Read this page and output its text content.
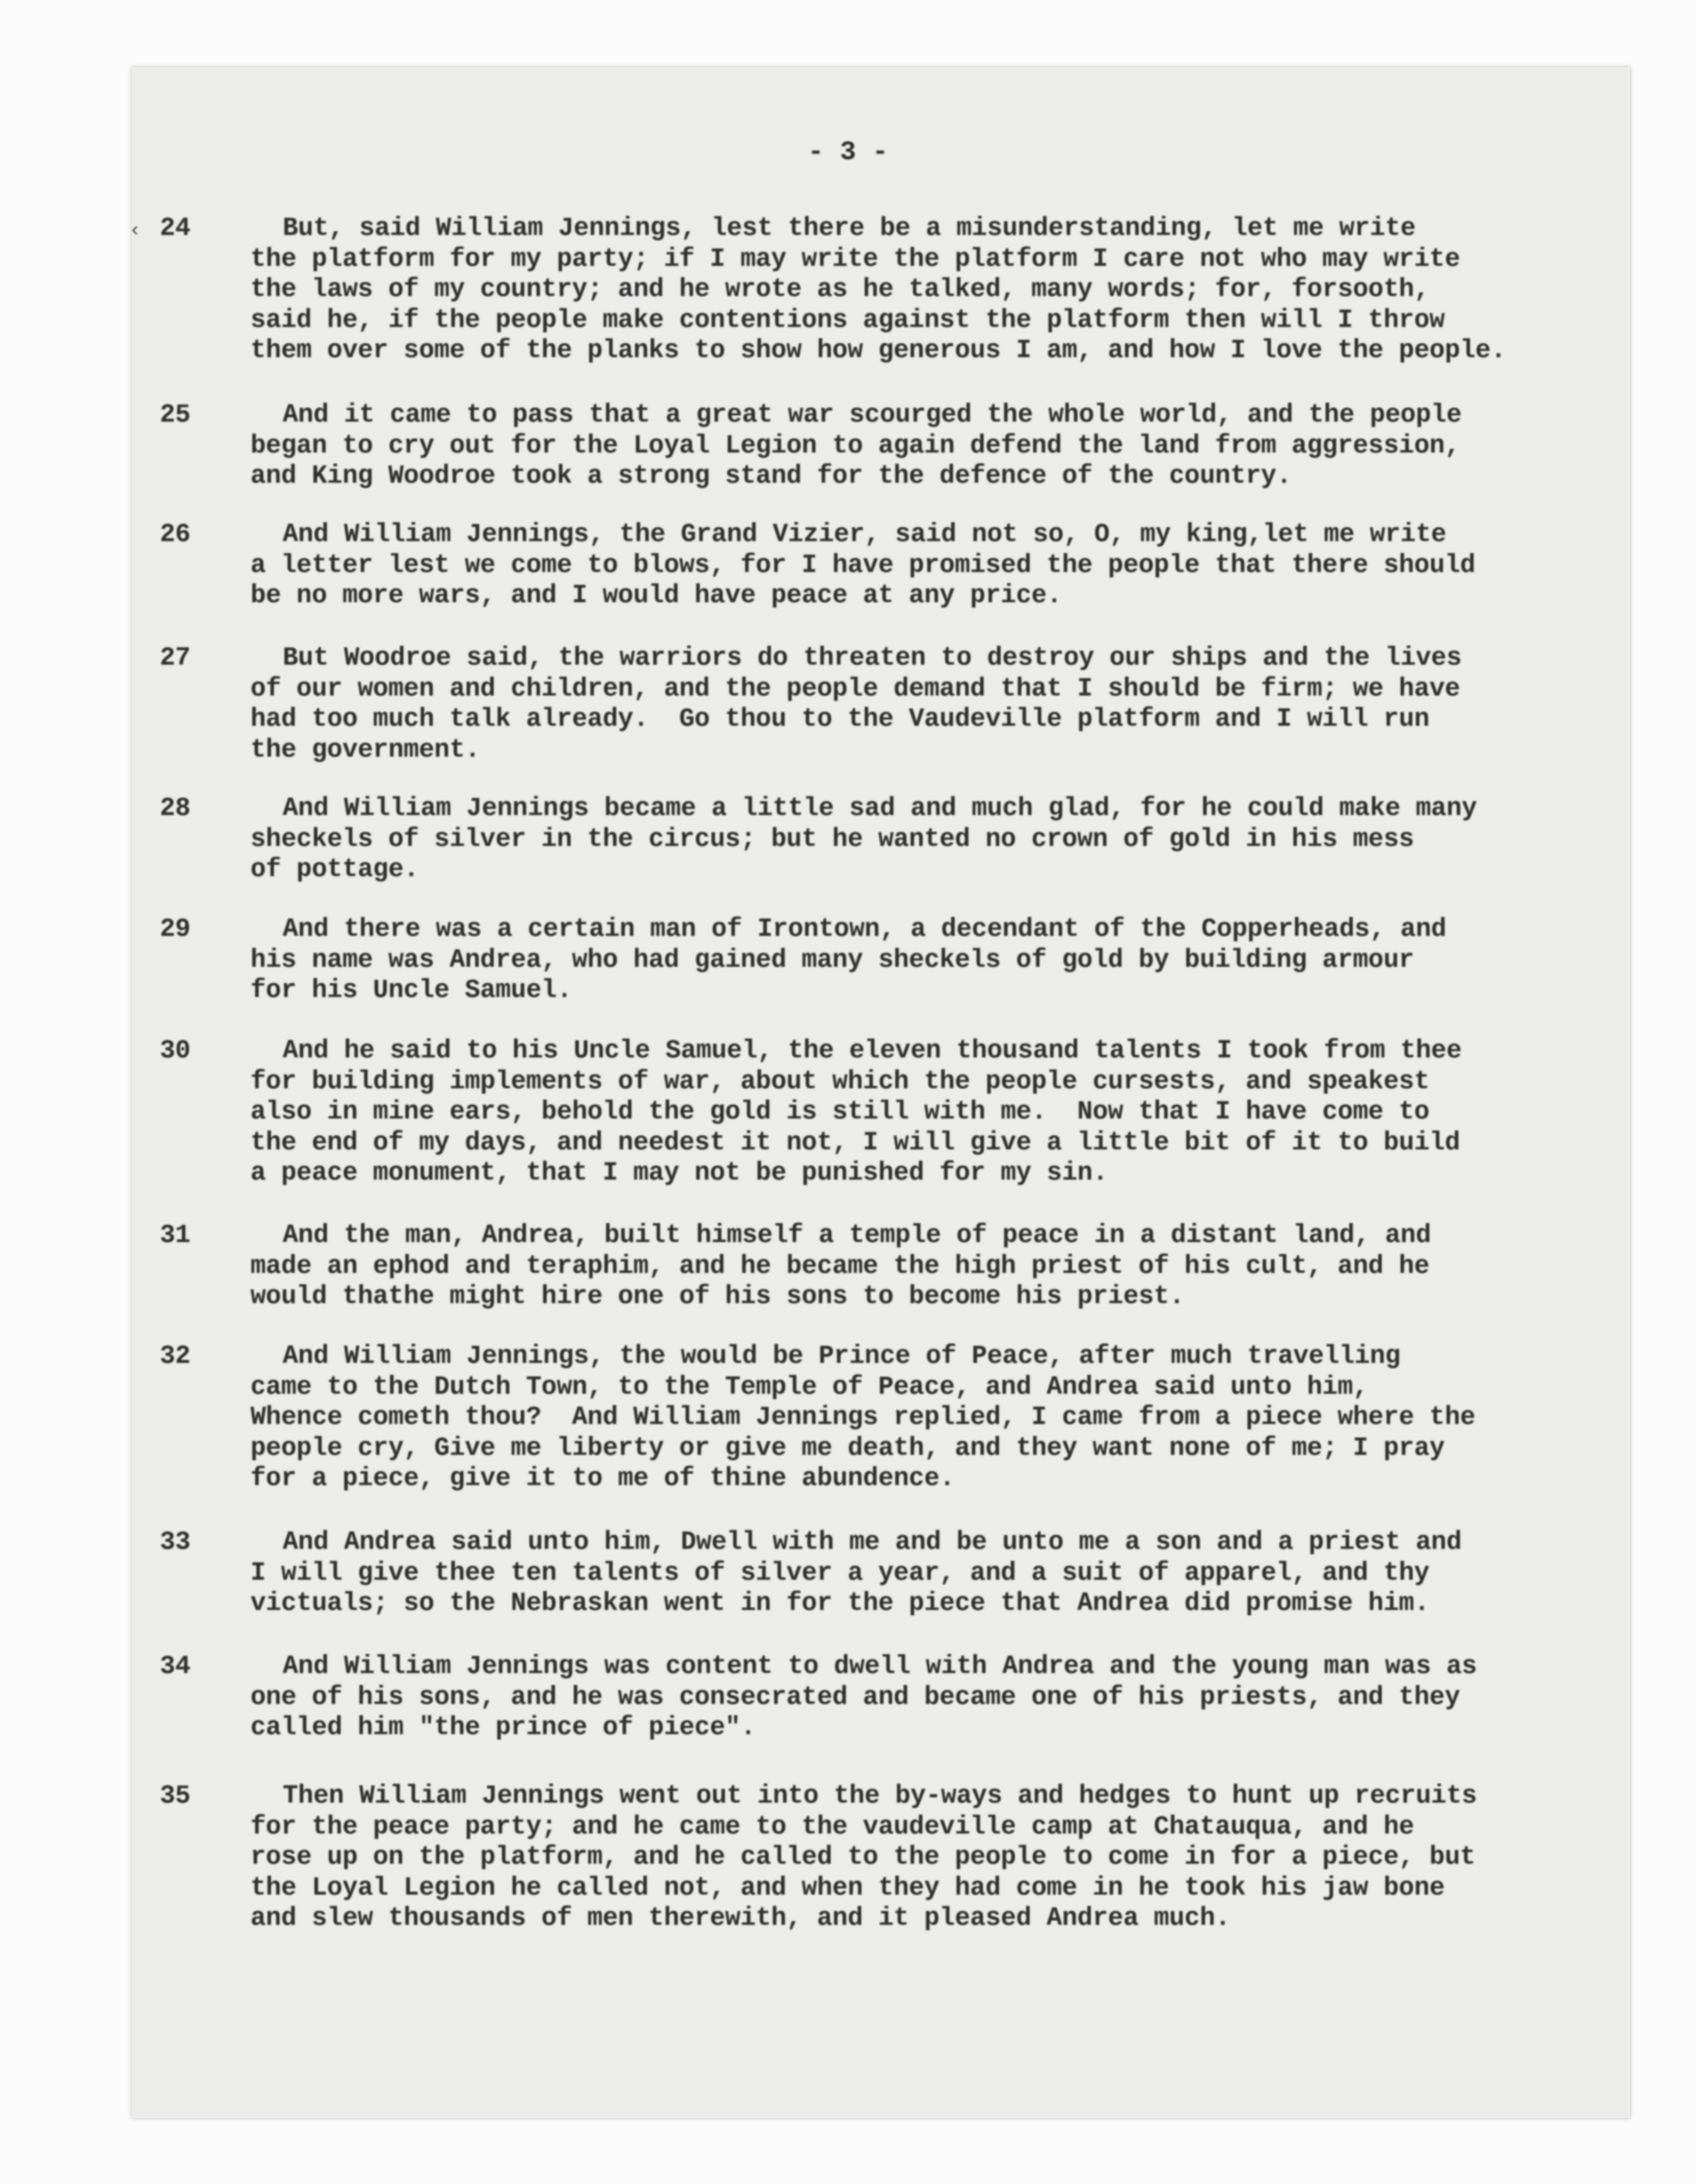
‹
- 3 -
24	But, said William Jennings, lest there be a misunderstanding, let me write
the platform for my party; if I may write the platform I care not who may write
the laws of my country; and he wrote as he talked, many words; for, forsooth,
said he, if the people make contentions against the platform then will I throw
them over some of the planks to show how generous I am, and how I love the people.
25	And it came to pass that a great war scourged the whole world, and the people
began to cry out for the Loyal Legion to again defend the land from aggression,
and King Woodroe took a strong stand for the defence of the country.
26	And William Jennings, the Grand Vizier, said not so, O, my king,let me write
a letter lest we come to blows, for I have promised the people that there should
be no more wars, and I would have peace at any price.
27	But Woodroe said, the warriors do threaten to destroy our ships and the lives
of our women and children, and the people demand that I should be firm; we have
had too much talk already.  Go thou to the Vaudeville platform and I will run
the government.
28	And William Jennings became a little sad and much glad, for he could make many
sheckels of silver in the circus; but he wanted no crown of gold in his mess
of pottage.
29	And there was a certain man of Irontown, a decendant of the Copperheads, and
his name was Andrea, who had gained many sheckels of gold by building armour
for his Uncle Samuel.
30	And he said to his Uncle Samuel, the eleven thousand talents I took from thee
for building implements of war, about which the people cursests, and speakest
also in mine ears, behold the gold is still with me.  Now that I have come to
the end of my days, and needest it not, I will give a little bit of it to build
a peace monument, that I may not be punished for my sin.
31	And the man, Andrea, built himself a temple of peace in a distant land, and
made an ephod and teraphim, and he became the high priest of his cult, and he
would thathe might hire one of his sons to become his priest.
32	And William Jennings, the would be Prince of Peace, after much travelling
came to the Dutch Town, to the Temple of Peace, and Andrea said unto him,
Whence cometh thou?  And William Jennings replied, I came from a piece where the
people cry, Give me liberty or give me death, and they want none of me; I pray
for a piece, give it to me of thine abundence.
33	And Andrea said unto him, Dwell with me and be unto me a son and a priest and
I will give thee ten talents of silver a year, and a suit of apparel, and thy
victuals; so the Nebraskan went in for the piece that Andrea did promise him.
34	And William Jennings was content to dwell with Andrea and the young man was as
one of his sons, and he was consecrated and became one of his priests, and they
called him "the prince of piece".
35	Then William Jennings went out into the by-ways and hedges to hunt up recruits
for the peace party; and he came to the vaudeville camp at Chatauqua, and he
rose up on the platform, and he called to the people to come in for a piece, but
the Loyal Legion he called not, and when they had come in he took his jaw bone
and slew thousands of men therewith, and it pleased Andrea much.
